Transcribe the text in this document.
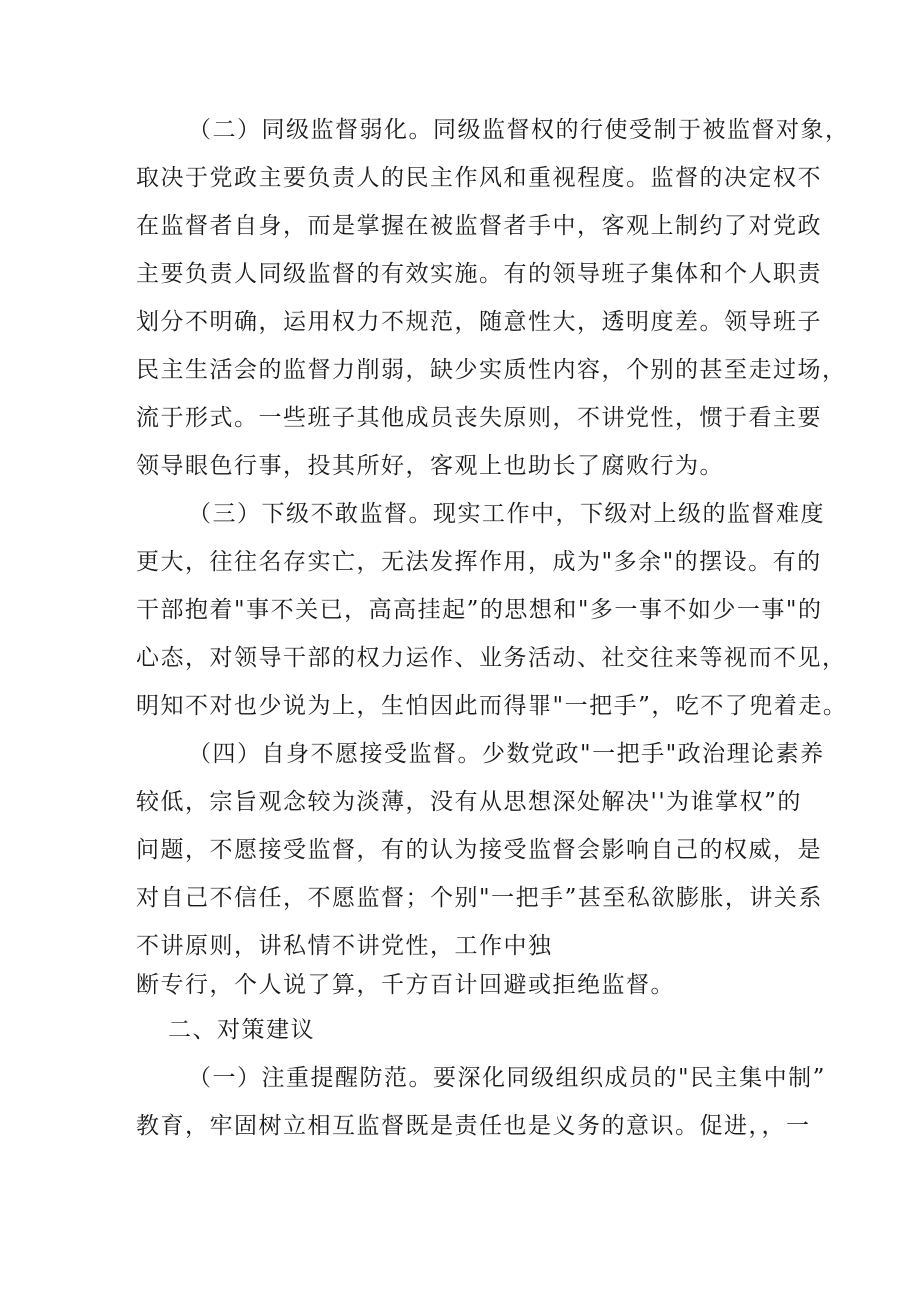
（二）同级监督弱化。同级监督权的行使受制于被监督对象，
取决于党政主要负责人的民主作风和重视程度。监督的决定权不
在监督者自身，而是掌握在被监督者手中，客观上制约了对党政
主要负责人同级监督的有效实施。有的领导班子集体和个人职责
划分不明确，运用权力不规范，随意性大，透明度差。领导班子
民主生活会的监督力削弱，缺少实质性内容，个别的甚至走过场，
流于形式。一些班子其他成员丧失原则，不讲党性，惯于看主要
领导眼色行事，投其所好，客观上也助长了腐败行为。
（三）下级不敢监督。现实工作中，下级对上级的监督难度
更大，往往名存实亡，无法发挥作用，成为"多余"的摆设。有的
干部抱着"事不关已，高高挂起”的思想和"多一事不如少一事"的
心态，对领导干部的权力运作、业务活动、社交往来等视而不见，
明知不对也少说为上，生怕因此而得罪"一把手”，吃不了兜着走。
（四）自身不愿接受监督。少数党政"一把手"政治理论素养
较低，宗旨观念较为淡薄，没有从思想深处解决''为谁掌权”的
问题，不愿接受监督，有的认为接受监督会影响自己的权威，是
对自己不信任，不愿监督；个别"一把手”甚至私欲膨胀，讲关系
不讲原则，讲私情不讲党性，工作中独
断专行，个人说了算，千方百计回避或拒绝监督。
二、对策建议
（一）注重提醒防范。要深化同级组织成员的"民主集中制”
教育，牢固树立相互监督既是责任也是义务的意识。促进，，一
